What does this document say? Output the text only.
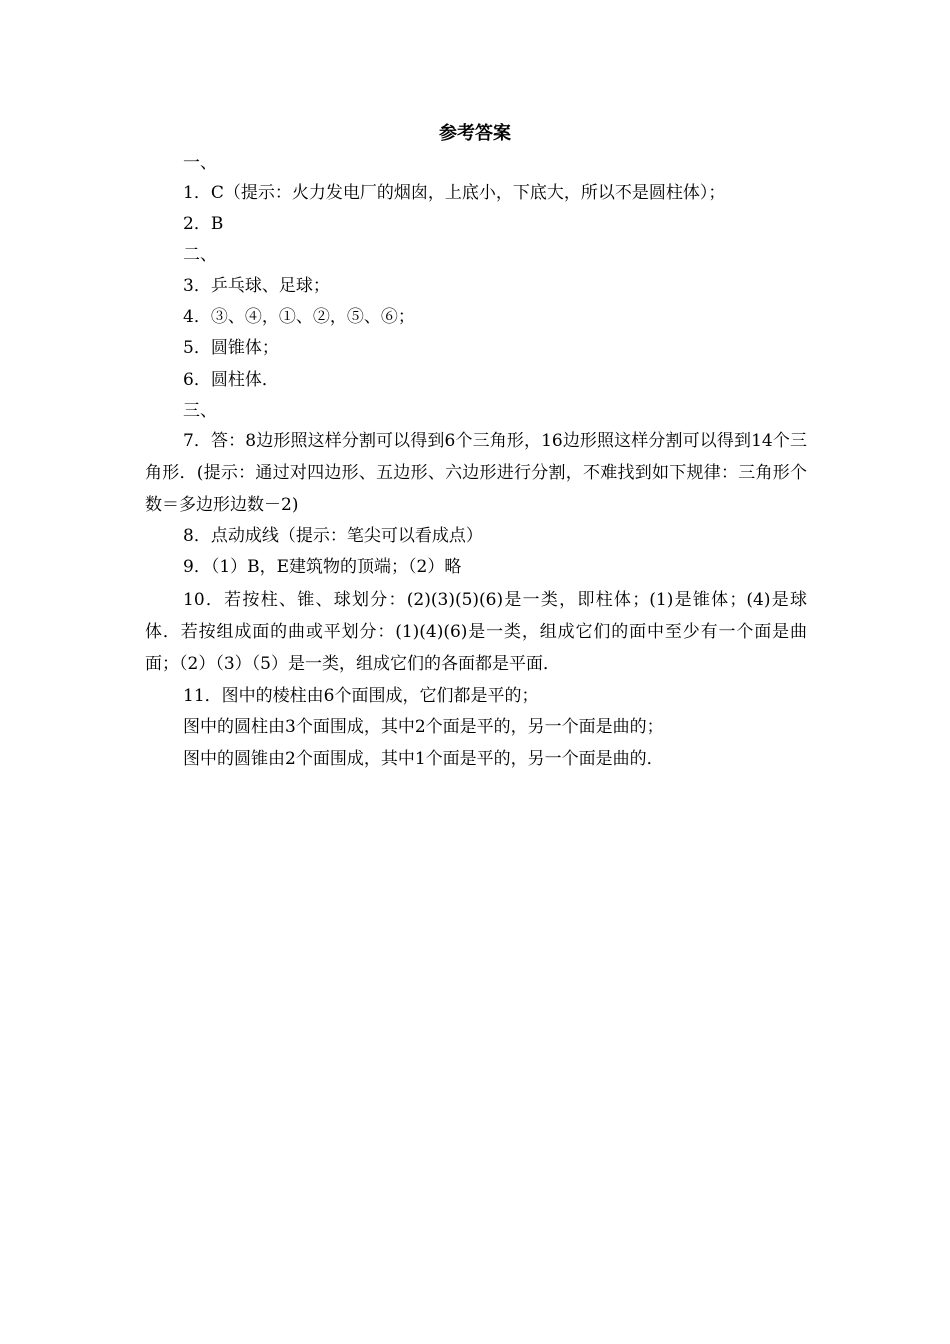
参考答案
一、
1．C（提示：火力发电厂的烟囱，上底小，下底大，所以不是圆柱体）；
2．B
二、
3．乒乓球、足球；
4．③、④，①、②，⑤、⑥；
5．圆锥体；
6．圆柱体．
三、
7．答：8边形照这样分割可以得到6个三角形，16边形照这样分割可以得到14个三角形．(提示：通过对四边形、五边形、六边形进行分割，不难找到如下规律：三角形个数＝多边形边数－2)
8．点动成线（提示：笔尖可以看成点）
9．（1）B，E建筑物的顶端；（2）略
10．若按柱、锥、球划分：(2)(3)(5)(6)是一类，即柱体；(1)是锥体；(4)是球体．若按组成面的曲或平划分：(1)(4)(6)是一类，组成它们的面中至少有一个面是曲面；（2）（3）（5）是一类，组成它们的各面都是平面．
11．图中的棱柱由6个面围成，它们都是平的；
图中的圆柱由3个面围成，其中2个面是平的，另一个面是曲的；
图中的圆锥由2个面围成，其中1个面是平的，另一个面是曲的．
